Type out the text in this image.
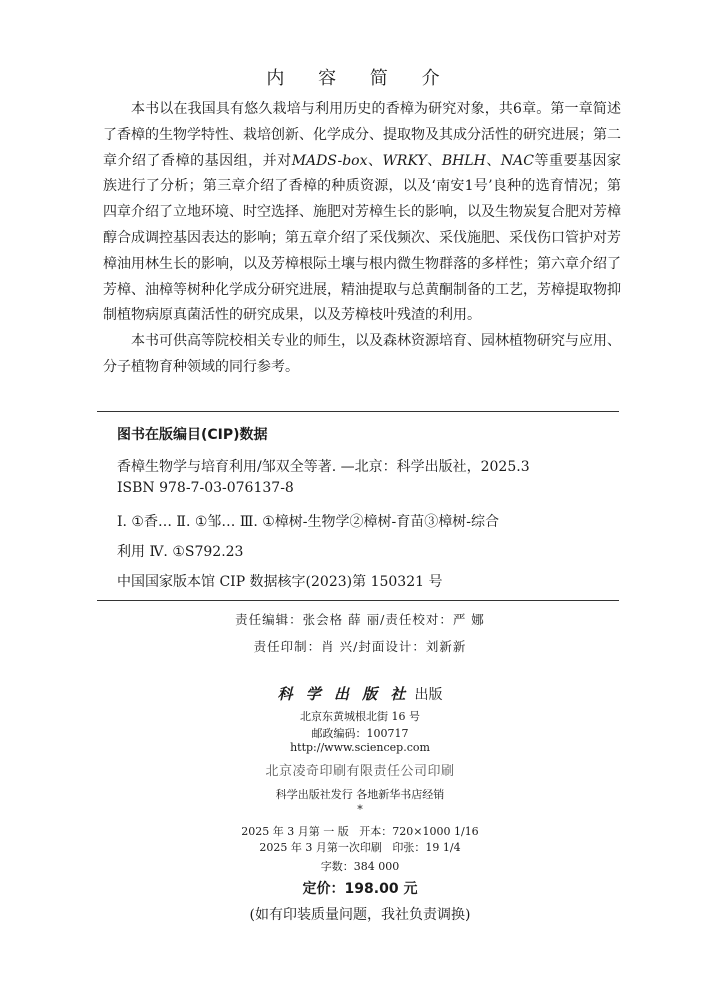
内 容 简 介

本书以在我国具有悠久栽培与利用历史的香樟为研究对象，共6章。第一章简述了香樟的生物学特性、栽培创新、化学成分、提取物及其成分活性的研究进展；第二章介绍了香樟的基因组，并对MADS-box、WRKY、BHLH、NAC等重要基因家族进行了分析；第三章介绍了香樟的种质资源，以及‘南安1号’良种的选育情况；第四章介绍了立地环境、时空选择、施肥对芳樟生长的影响，以及生物炭复合肥对芳樟醇合成调控基因表达的影响；第五章介绍了采伐频次、采伐施肥、采伐伤口管护对芳樟油用林生长的影响，以及芳樟根际土壤与根内微生物群落的多样性；第六章介绍了芳樟、油樟等树种化学成分研究进展，精油提取与总黄酮制备的工艺，芳樟提取物抑制植物病原真菌活性的研究成果，以及芳樟枝叶残渣的利用。

本书可供高等院校相关专业的师生，以及森林资源培育、园林植物研究与应用、分子植物育种领域的同行参考。

图书在版编目(CIP)数据
香樟生物学与培育利用/邹双全等著. —北京：科学出版社，2025.3
ISBN 978-7-03-076137-8
Ⅰ. ①香… Ⅱ. ①邹… Ⅲ. ①樟树-生物学②樟树-育苗③樟树-综合
利用 Ⅳ. ①S792.23
中国国家版本馆 CIP 数据核字(2023)第 150321 号
责任编辑：张会格 薛 丽/责任校对：严 娜
责任印制：肖 兴/封面设计：刘新新
科 学 出 版 社 出版
北京东黄城根北街 16 号
邮政编码：100717
http://www.sciencep.com
北京凌奇印刷有限责任公司印刷
科学出版社发行 各地新华书店经销
*
2025 年 3 月第 一 版 开本：720×1000 1/16
2025 年 3 月第一次印刷 印张：19 1/4
字数：384 000
定价：198.00 元
(如有印装质量问题，我社负责调换)
